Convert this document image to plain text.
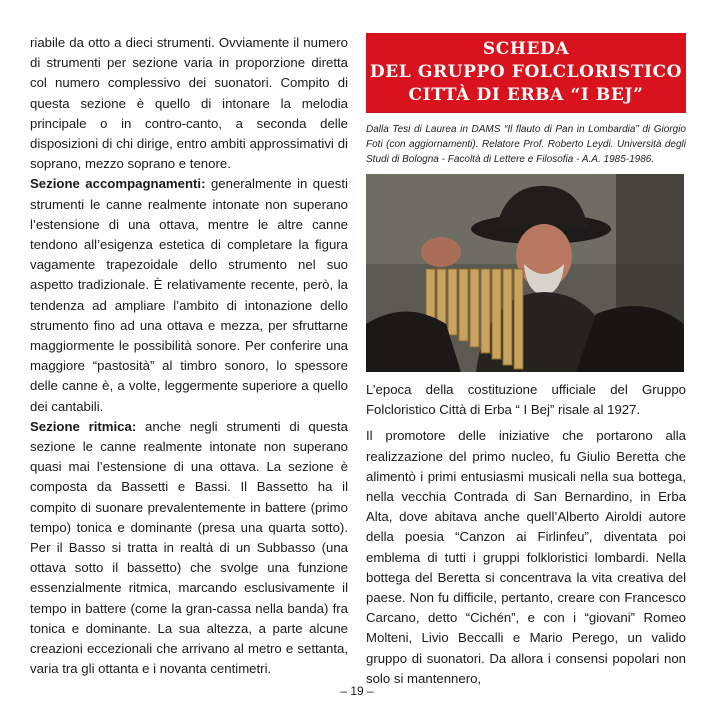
riabile da otto a dieci strumenti. Ovviamente il numero di strumenti per sezione varia in proporzione diretta col numero complessivo dei suonatori. Compito di questa sezione è quello di intonare la melodia principale o in contro-canto, a seconda delle disposizioni di chi dirige, entro ambiti approssimativi di soprano, mezzo soprano e tenore.

Sezione accompagnamenti: generalmente in questi strumenti le canne realmente intonate non superano l’estensione di una ottava, mentre le altre canne tendono all’esigenza estetica di completare la figura vagamente trapezoidale dello strumento nel suo aspetto tradizionale. È relativamente recente, però, la tendenza ad ampliare l’ambito di intonazione dello strumento fino ad una ottava e mezza, per sfruttarne maggiormente le possibilità sonore. Per conferire una maggiore “pastosità” al timbro sonoro, lo spessore delle canne è, a volte, leggermente superiore a quello dei cantabili.

Sezione ritmica: anche negli strumenti di questa sezione le canne realmente intonate non superano quasi mai l’estensione di una ottava. La sezione è composta da Bassetti e Bassi. Il Bassetto ha il compito di suonare prevalentemente in battere (primo tempo) tonica e dominante (presa una quarta sotto). Per il Basso si tratta in realtà di un Subbasso (una ottava sotto il bassetto) che svolge una funzione essenzialmente ritmica, marcando esclusivamente il tempo in battere (come la gran-cassa nella banda) fra tonica e dominante. La sua altezza, a parte alcune creazioni eccezionali che arrivano al metro e settanta, varia tra gli ottanta e i novanta centimetri.

SCHEDA
DEL GRUPPO FOLCLORISTICO
CITTÀ DI ERBA “I BEJ”
Dalla Tesi di Laurea in DAMS “Il flauto di Pan in Lombardia” di Giorgio Foti (con aggiornamenti). Relatore Prof. Roberto Leydi. Università degli Studi di Bologna - Facoltà di Lettere e Filosofia - A.A. 1985-1986.

L’epoca della costituzione ufficiale del Gruppo Folcloristico Città di Erba “ I Bej” risale al 1927.

Il promotore delle iniziative che portarono alla realizzazione del primo nucleo, fu Giulio Beretta che alimentò i primi entusiasmi musicali nella sua bottega, nella vecchia Contrada di San Bernardino, in Erba Alta, dove abitava anche quell’Alberto Airoldi autore della poesia “Canzon ai Firlinfeu”, diventata poi emblema di tutti i gruppi folkloristici lombardi. Nella bottega del Beretta si concentrava la vita creativa del paese. Non fu difficile, pertanto, creare con Francesco Carcano, detto “Cichén”, e con i “giovani” Romeo Molteni, Livio Beccalli e Mario Perego, un valido gruppo di suonatori. Da allora i consensi popolari non solo si mantennero,

– 19 –
